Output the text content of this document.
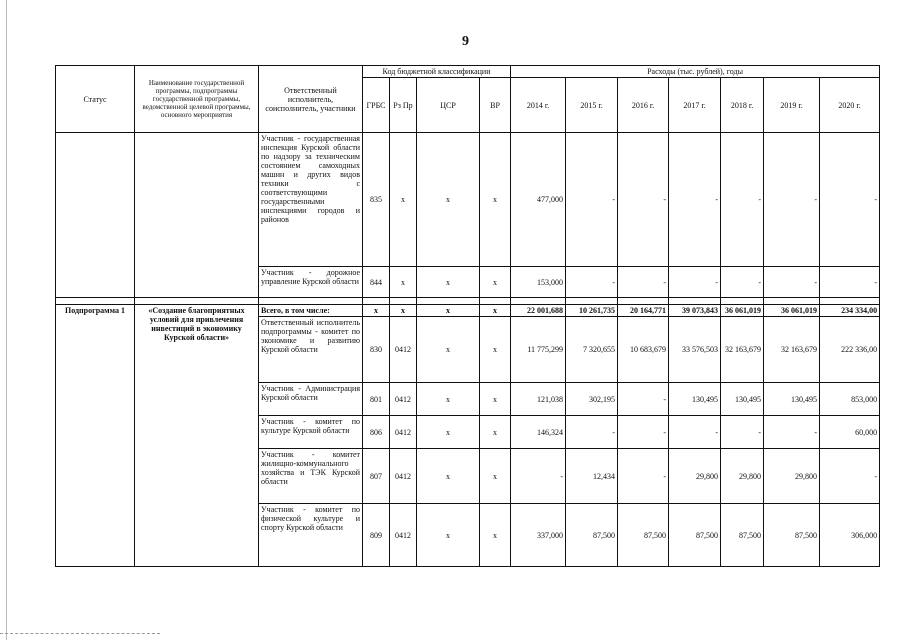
9
Статус	Наименование государственной программы, подпрограммы государственной программы, ведомственной целевой программы, основного мероприятия	Ответственный исполнитель, соисполнитель, участники	Код бюджетной классификации				Расходы (тыс. рублей), годы						
			ГРБС	Рз Пр	ЦСР	ВР	2014 г.	2015 г.	2016 г.	2017 г.	2018 г.	2019 г.	2020 г.
		Участник - государственная инспекция Курской области по надзору за техническим состоянием самоходных машин и других видов техники с соответствующими государственными инспекциями городов и районов	835	х	х	х	477,000	-	-	-	-	-	-
		Участник - дорожное управление Курской области	844	х	х	х	153,000	-	-	-	-	-	-

Подпрограмма 1	«Создание благоприятных условий для привлечения инвестиций в экономику Курской области»	Всего, в том числе:	х	х	х	х	22 001,688	10 261,735	20 164,771	39 073,843	36 061,019	36 061,019	234 334,00
		Ответственный исполнитель подпрограммы - комитет по экономике и развитию Курской области	830	0412	х	х	11 775,299	7 320,655	10 683,679	33 576,503	32 163,679	32 163,679	222 336,00
		Участник - Администрация Курской области	801	0412	х	х	121,038	302,195	-	130,495	130,495	130,495	853,000
		Участник - комитет по культуре Курской области	806	0412	х	х	146,324	-	-	-	-	-	60,000
		Участник - комитет жилищно-коммунального хозяйства и ТЭК Курской области	807	0412	х	х	-	12,434	-	29,800	29,800	29,800	-
		Участник - комитет по физической культуре и спорту Курской области	809	0412	х	х	337,000	87,500	87,500	87,500	87,500	87,500	306,000
